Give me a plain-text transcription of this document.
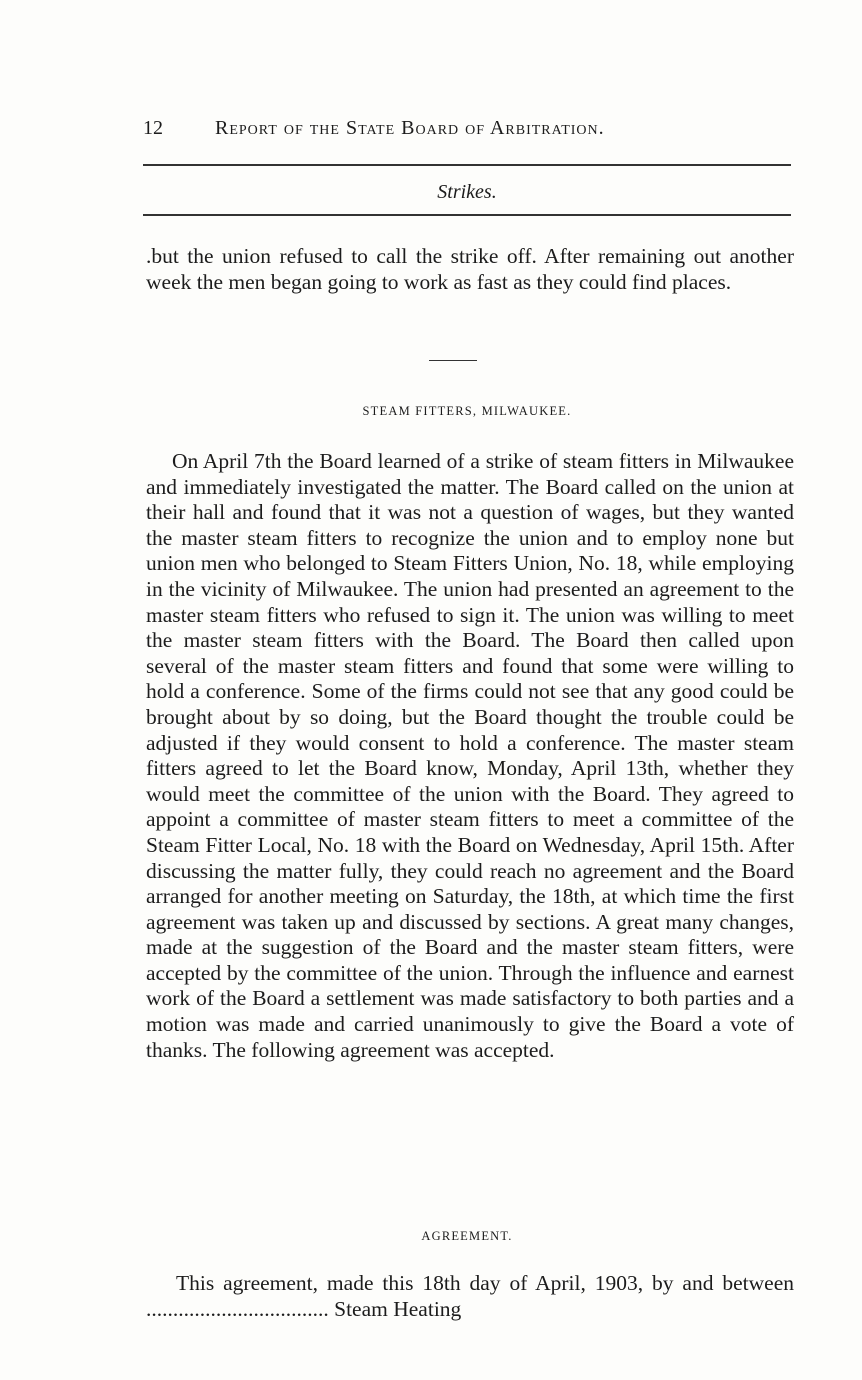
12	Report of the State Board of Arbitration.
Strikes.

.but the union refused to call the strike off. After remaining out another week the men began going to work as fast as they could find places.

STEAM FITTERS, MILWAUKEE.

On April 7th the Board learned of a strike of steam fitters in Milwaukee and immediately investigated the matter. The Board called on the union at their hall and found that it was not a question of wages, but they wanted the master steam fitters to recognize the union and to employ none but union men who belonged to Steam Fitters Union, No. 18, while employing in the vicinity of Milwaukee. The union had presented an agreement to the master steam fitters who refused to sign it. The union was willing to meet the master steam fitters with the Board. The Board then called upon several of the master steam fitters and found that some were willing to hold a conference. Some of the firms could not see that any good could be brought about by so doing, but the Board thought the trouble could be adjusted if they would consent to hold a conference. The master steam fitters agreed to let the Board know, Monday, April 13th, whether they would meet the committee of the union with the Board. They agreed to appoint a committee of master steam fitters to meet a committee of the Steam Fitter Local, No. 18 with the Board on Wednesday, April 15th. After discussing the matter fully, they could reach no agreement and the Board arranged for another meeting on Saturday, the 18th, at which time the first agreement was taken up and discussed by sections. A great many changes, made at the suggestion of the Board and the master steam fitters, were accepted by the committee of the union. Through the influence and earnest work of the Board a settlement was made satisfactory to both parties and a motion was made and carried unanimously to give the Board a vote of thanks. The following agreement was accepted.

AGREEMENT.

This agreement, made this 18th day of April, 1903, by and between .................................. Steam Heating
